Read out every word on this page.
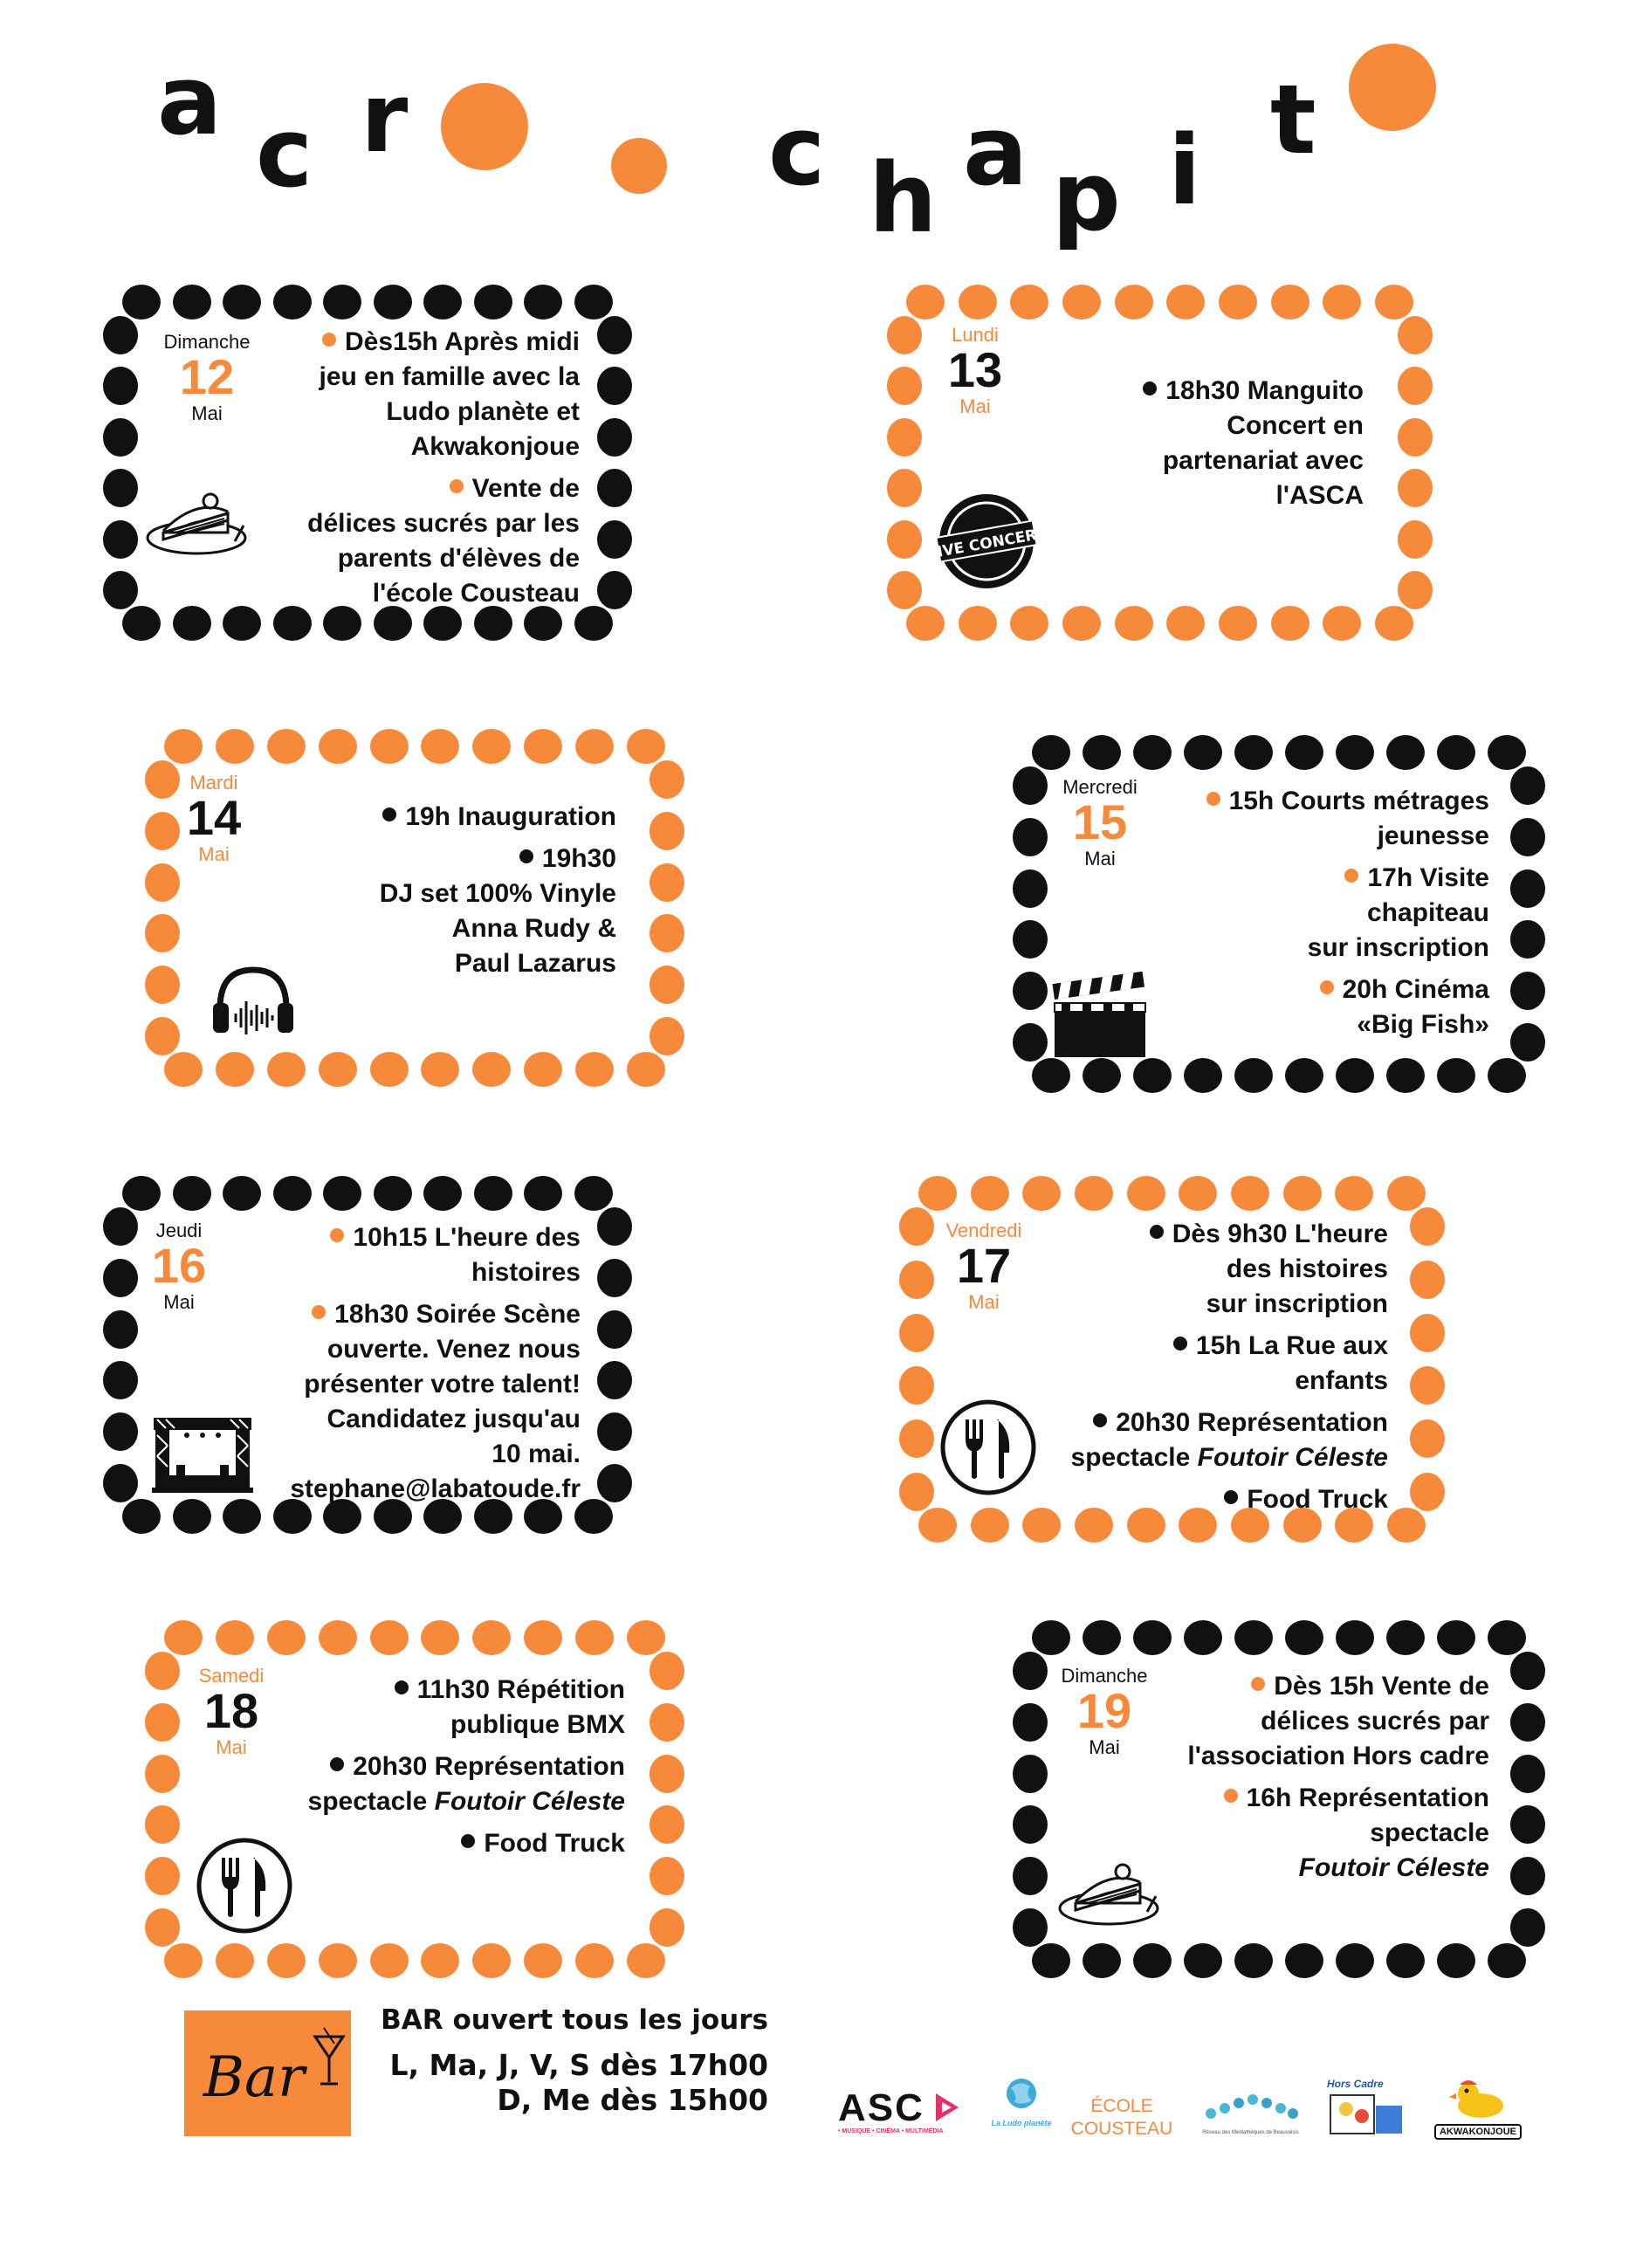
a c r	c h a p i t
Dimanche
12
Mai
Dès15h Après midi
jeu en famille avec la
Ludo planète et
Akwakonjoue
Vente de
délices sucrés par les
parents d'élèves de
l'école Cousteau
Lundi
13
Mai
LIVE CONCERT
18h30 Manguito
Concert en
partenariat avec
l'ASCA
Mardi
14
Mai
19h Inauguration
19h30
DJ set 100% Vinyle
Anna Rudy &
Paul Lazarus
Mercredi
15
Mai
15h Courts métrages
jeunesse
17h Visite
chapiteau
sur inscription
20h Cinéma
«Big Fish»
Jeudi
16
Mai
10h15 L'heure des
histoires
18h30 Soirée Scène
ouverte. Venez nous
présenter votre talent!
Candidatez jusqu'au
10 mai.
stephane@labatoude.fr
Vendredi
17
Mai
Dès 9h30 L'heure
des histoires
sur inscription
15h La Rue aux
enfants
20h30 Représentation
spectacle Foutoir Céleste
Food Truck
Samedi
18
Mai
11h30 Répétition
publique BMX
20h30 Représentation
spectacle Foutoir Céleste
Food Truck
Dimanche
19
Mai
Dès 15h Vente de
délices sucrés par
l'association Hors cadre
16h Représentation
spectacle
Foutoir Céleste
Bar
BAR ouvert tous les jours
L, Ma, J, V, S dès 17h00
D, Me dès 15h00 ASC
• MUSIQUE • CINÉMA • MULTIMÉDIA
La Ludo planète
ÉCOLE
COUSTEAU	Réseau des Médiathèques de Beauvaisis
Hors Cadre
AKWAKONJOUE
